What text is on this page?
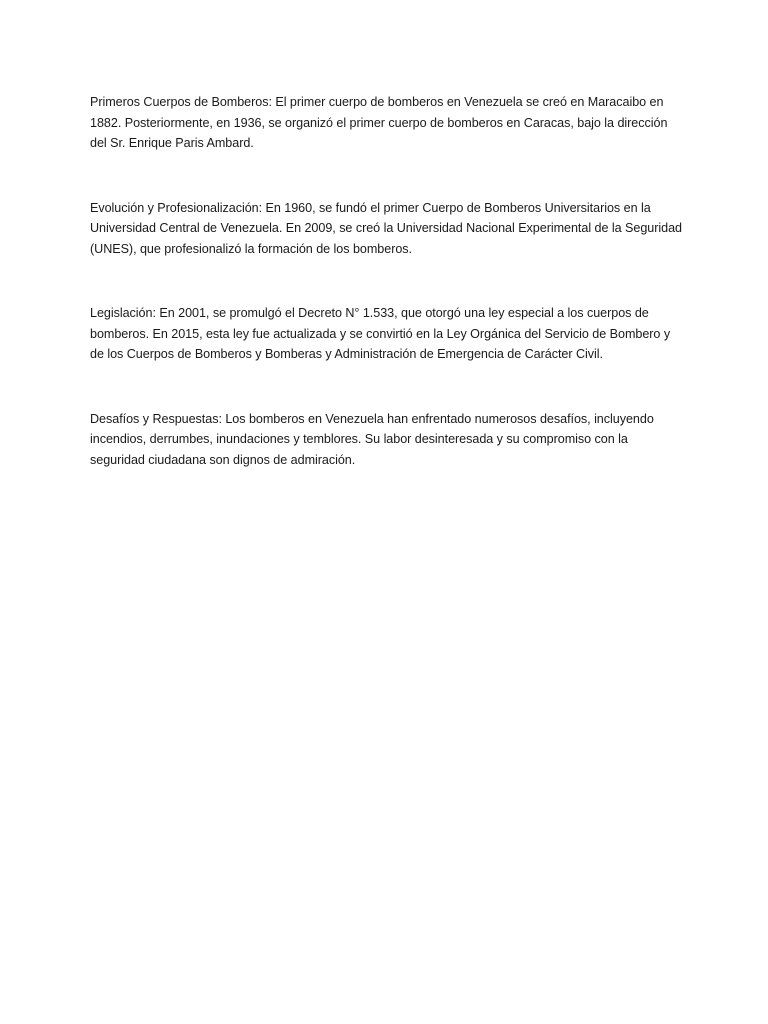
Primeros Cuerpos de Bomberos: El primer cuerpo de bomberos en Venezuela se creó en Maracaibo en 1882. Posteriormente, en 1936, se organizó el primer cuerpo de bomberos en Caracas, bajo la dirección del Sr. Enrique Paris Ambard.

Evolución y Profesionalización: En 1960, se fundó el primer Cuerpo de Bomberos Universitarios en la Universidad Central de Venezuela. En 2009, se creó la Universidad Nacional Experimental de la Seguridad (UNES), que profesionalizó la formación de los bomberos.

Legislación: En 2001, se promulgó el Decreto N° 1.533, que otorgó una ley especial a los cuerpos de bomberos. En 2015, esta ley fue actualizada y se convirtió en la Ley Orgánica del Servicio de Bombero y de los Cuerpos de Bomberos y Bomberas y Administración de Emergencia de Carácter Civil.

Desafíos y Respuestas: Los bomberos en Venezuela han enfrentado numerosos desafíos, incluyendo incendios, derrumbes, inundaciones y temblores. Su labor desinteresada y su compromiso con la seguridad ciudadana son dignos de admiración.
